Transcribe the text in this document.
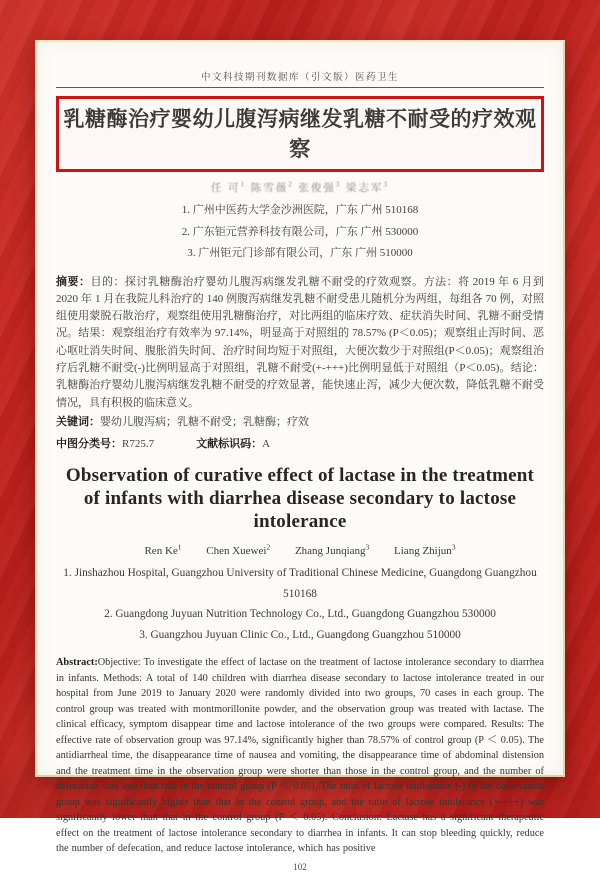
中文科技期刊数据库（引文版）医药卫生
乳糖酶治疗婴幼儿腹泻病继发乳糖不耐受的疗效观察
任 可$^1$ 陈雪薇$^2$ 张俊强$^3$ 梁志军$^3$
1. 广州中医药大学金沙洲医院，广东 广州 510168
2. 广东钜元营养科技有限公司，广东 广州 530000
3. 广州钜元门诊部有限公司，广东 广州 510000
摘要：目的：探讨乳糖酶治疗婴幼儿腹泻病继发乳糖不耐受的疗效观察。方法：将 2019 年 6 月到 2020 年 1 月在我院儿科治疗的 140 例腹泻病继发乳糖不耐受患儿随机分为两组，每组各 70 例，对照组使用蒙脱石散治疗，观察组使用乳糖酶治疗，对比两组的临床疗效、症状消失时间、乳糖不耐受情况。结果：观察组治疗有效率为 97.14%，明显高于对照组的 78.57% (P＜0.05)；观察组止泻时间、恶心呕吐消失时间、腹胀消失时间、治疗时间均短于对照组，大便次数少于对照组(P＜0.05)；观察组治疗后乳糖不耐受(-)比例明显高于对照组，乳糖不耐受(+-+++)比例明显低于对照组（P＜0.05)。结论：乳糖酶治疗婴幼儿腹泻病继发乳糖不耐受的疗效显著，能快速止泻，减少大便次数，降低乳糖不耐受情况，具有积极的临床意义。
关键词：婴幼儿腹泻病；乳糖不耐受；乳糖酶；疗效
中图分类号：R725.7	文献标识码：A
Observation of curative effect of lactase in the treatment
of infants with diarrhea disease secondary to lactose
intolerance
Ren Ke$^1$ Chen Xuewei$^2$ Zhang Junqiang$^3$ Liang Zhijun$^3$
1. Jinshazhou Hospital, Guangzhou University of Traditional Chinese Medicine, Guangdong Guangzhou 510168
2. Guangdong Juyuan Nutrition Technology Co., Ltd., Guangdong Guangzhou 530000
3. Guangzhou Juyuan Clinic Co., Ltd., Guangdong Guangzhou 510000
Abstract:Objective: To investigate the effect of lactase on the treatment of lactose intolerance secondary to diarrhea in infants. Methods: A total of 140 children with diarrhea disease secondary to lactose intolerance treated in our hospital from June 2019 to January 2020 were randomly divided into two groups, 70 cases in each group. The control group was treated with montmorillonite powder, and the observation group was treated with lactase. The clinical efficacy, symptom disappear time and lactose intolerance of the two groups were compared. Results: The effective rate of observation group was 97.14%, significantly higher than 78.57% of control group (P ＜ 0.05). The antidiarrheal time, the disappearance time of nausea and vomiting, the disappearance time of abdominal distension and the treatment time in the observation group were shorter than those in the control group, and the number of defecation was less than that in the control group (P ＜ 0.05). The ratio of lactose intolerance (-) in the observation group was significantly higher than that in the control group, and the ratio of lactose intolerance (+-+++) was significantly lower than that in the control group (P ＜ 0.05). Conclusion: Lactase has a significant therapeutic effect on the treatment of lactose intolerance secondary to diarrhea in infants. It can stop bleeding quickly, reduce the number of defecation, and reduce lactose intolerance, which has positive
102
